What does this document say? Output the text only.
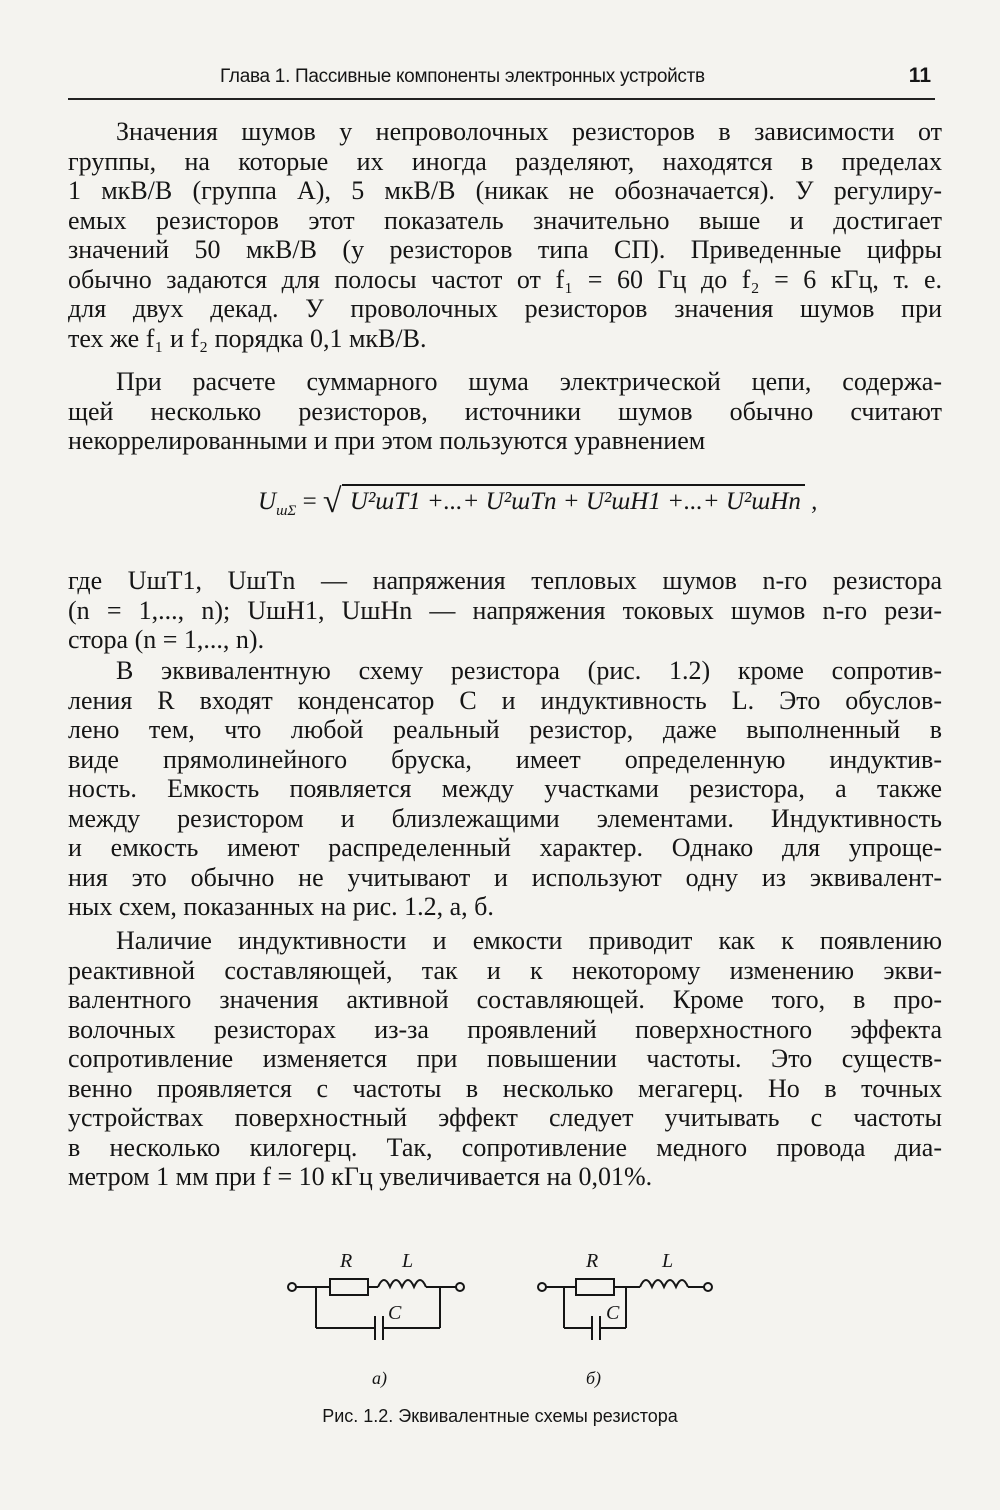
Глава 1. Пассивные компоненты электронных устройств	11
Значения шумов у непроволочных резисторов в зависимости от
группы, на которые их иногда разделяют, находятся в пределах
1 мкВ/В (группа A), 5 мкВ/В (никак не обозначается). У регулиру-
емых резисторов этот показатель значительно выше и достигает
значений 50 мкВ/В (у резисторов типа СП). Приведенные цифры
обычно задаются для полосы частот от f₁ = 60 Гц до f₂ = 6 кГц, т. е.
для двух декад. У проволочных резисторов значения шумов при
тех же f₁ и f₂ порядка 0,1 мкВ/В.
При расчете суммарного шума электрической цепи, содержа-
щей несколько резисторов, источники шумов обычно считают
некоррелированными и при этом пользуются уравнением
$U_{ш\Sigma}$ = √ U²шT1 +...+ U²шTn + U²шH1 +...+ U²шHn ,
где UшT1, UшTn — напряжения тепловых шумов n-го резистора
(n = 1,..., n); UшH1, UшHn — напряжения токовых шумов n-го рези-
стора (n = 1,..., n).
В эквивалентную схему резистора (рис. 1.2) кроме сопротив-
ления R входят конденсатор C и индуктивность L. Это обуслов-
лено тем, что любой реальный резистор, даже выполненный в
виде прямолинейного бруска, имеет определенную индуктив-
ность. Емкость появляется между участками резистора, а также
между резистором и близлежащими элементами. Индуктивность
и емкость имеют распределенный характер. Однако для упроще-
ния это обычно не учитывают и используют одну из эквивалент-
ных схем, показанных на рис. 1.2, а, б.
Наличие индуктивности и емкости приводит как к появлению
реактивной составляющей, так и к некоторому изменению экви-
валентного значения активной составляющей. Кроме того, в про-
волочных резисторах из-за проявлений поверхностного эффекта
сопротивление изменяется при повышении частоты. Это существ-
венно проявляется с частоты в несколько мегагерц. Но в точных
устройствах поверхностный эффект следует учитывать с частоты
в несколько килогерц. Так, сопротивление медного провода диа-
метром 1 мм при f = 10 кГц увеличивается на 0,01%.
R L
C
R	L
C
а)	б)
Рис. 1.2. Эквивалентные схемы резистора
